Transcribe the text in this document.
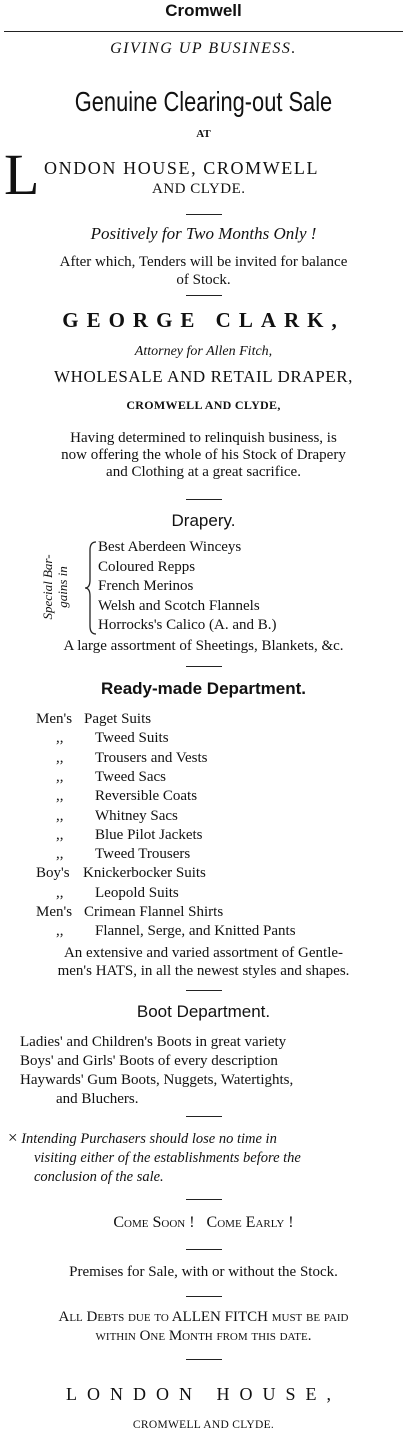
Cromwell
GIVING UP BUSINESS.
Genuine Clearing-out Sale
AT
L ONDON HOUSE, CROMWELL
AND CLYDE.
Positively for Two Months Only !
After which, Tenders will be invited for balance
of Stock.
GEORGE CLARK,
Attorney for Allen Fitch,
WHOLESALE AND RETAIL DRAPER,
CROMWELL AND CLYDE,
Having determined to relinquish business, is
now offering the whole of his Stock of Drapery
and Clothing at a great sacrifice.
Drapery.
Special Bar- gains in
Best Aberdeen Winceys
Coloured Repps
French Merinos
Welsh and Scotch Flannels
Horrocks's Calico (A. and B.)
A large assortment of Sheetings, Blankets, &c.
Ready-made Department.
Men's Paget Suits
,, Tweed Suits
,, Trousers and Vests
,, Tweed Sacs
,, Reversible Coats
,, Whitney Sacs
,, Blue Pilot Jackets
,, Tweed Trousers
Boy's Knickerbocker Suits
,, Leopold Suits
Men's Crimean Flannel Shirts
,, Flannel, Serge, and Knitted Pants
An extensive and varied assortment of Gentle-
men's HATS, in all the newest styles and shapes.
Boot Department.
Ladies' and Children's Boots in great variety
Boys' and Girls' Boots of every description
Haywards' Gum Boots, Nuggets, Watertights,
and Bluchers.
× Intending Purchasers should lose no time in
visiting either of the establishments before the
conclusion of the sale.
Come Soon !   Come Early !
Premises for Sale, with or without the Stock.
All Debts due to ALLEN FITCH must be paid
within One Month from this date.
LONDON HOUSE,
CROMWELL AND CLYDE.
